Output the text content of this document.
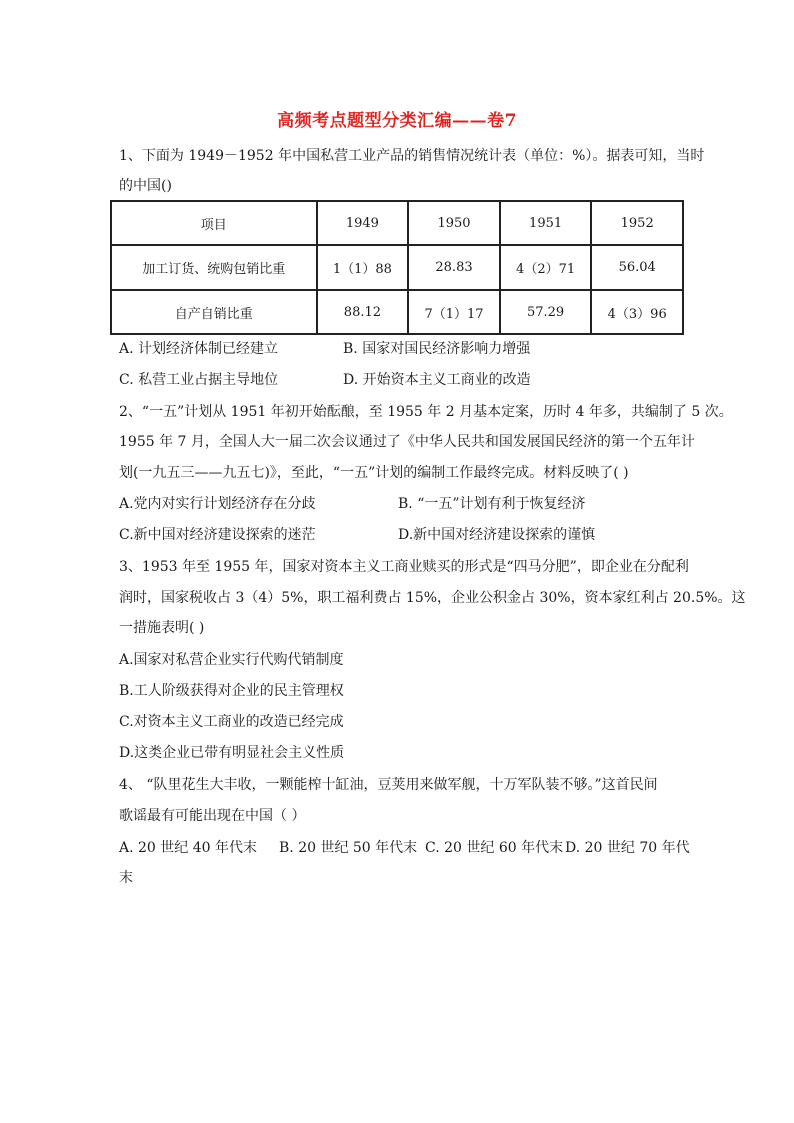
高频考点题型分类汇编——卷7
1、下面为 1949－1952 年中国私营工业产品的销售情况统计表（单位：%）。据表可知，当时
的中国()
项目	1949	1950	1951	1952
加工订货、统购包销比重	1（1）88	28.83	4（2）71	56.04
自产自销比重	88.12	7（1）17	57.29	4（3）96
A. 计划经济体制已经建立	B. 国家对国民经济影响力增强
C. 私营工业占据主导地位	D. 开始资本主义工商业的改造
2、“一五”计划从 1951 年初开始酝酿，至 1955 年 2 月基本定案，历时 4 年多，共编制了 5 次。
1955 年 7 月，全国人大一届二次会议通过了《中华人民共和国发展国民经济的第一个五年计
划(一九五三——九五七)》，至此，“一五”计划的编制工作最终完成。材料反映了( )
A.党内对实行计划经济存在分歧	B. “一五”计划有利于恢复经济
C.新中国对经济建设探索的迷茫	D.新中国对经济建设探索的谨慎
3、1953 年至 1955 年，国家对资本主义工商业赎买的形式是“四马分肥”，即企业在分配利
润时，国家税收占 3（4）5%，职工福利费占 15%，企业公积金占 30%，资本家红利占 20.5%。这
一措施表明( )
A.国家对私营企业实行代购代销制度
B.工人阶级获得对企业的民主管理权
C.对资本主义工商业的改造已经完成
D.这类企业已带有明显社会主义性质
4、 “队里花生大丰收，一颗能榨十缸油，豆荚用来做军舰，十万军队装不够。”这首民间
歌谣最有可能出现在中国（ ）
A. 20 世纪 40 年代末 B. 20 世纪 50 年代末 C. 20 世纪 60 年代末 D. 20 世纪 70 年代
末
